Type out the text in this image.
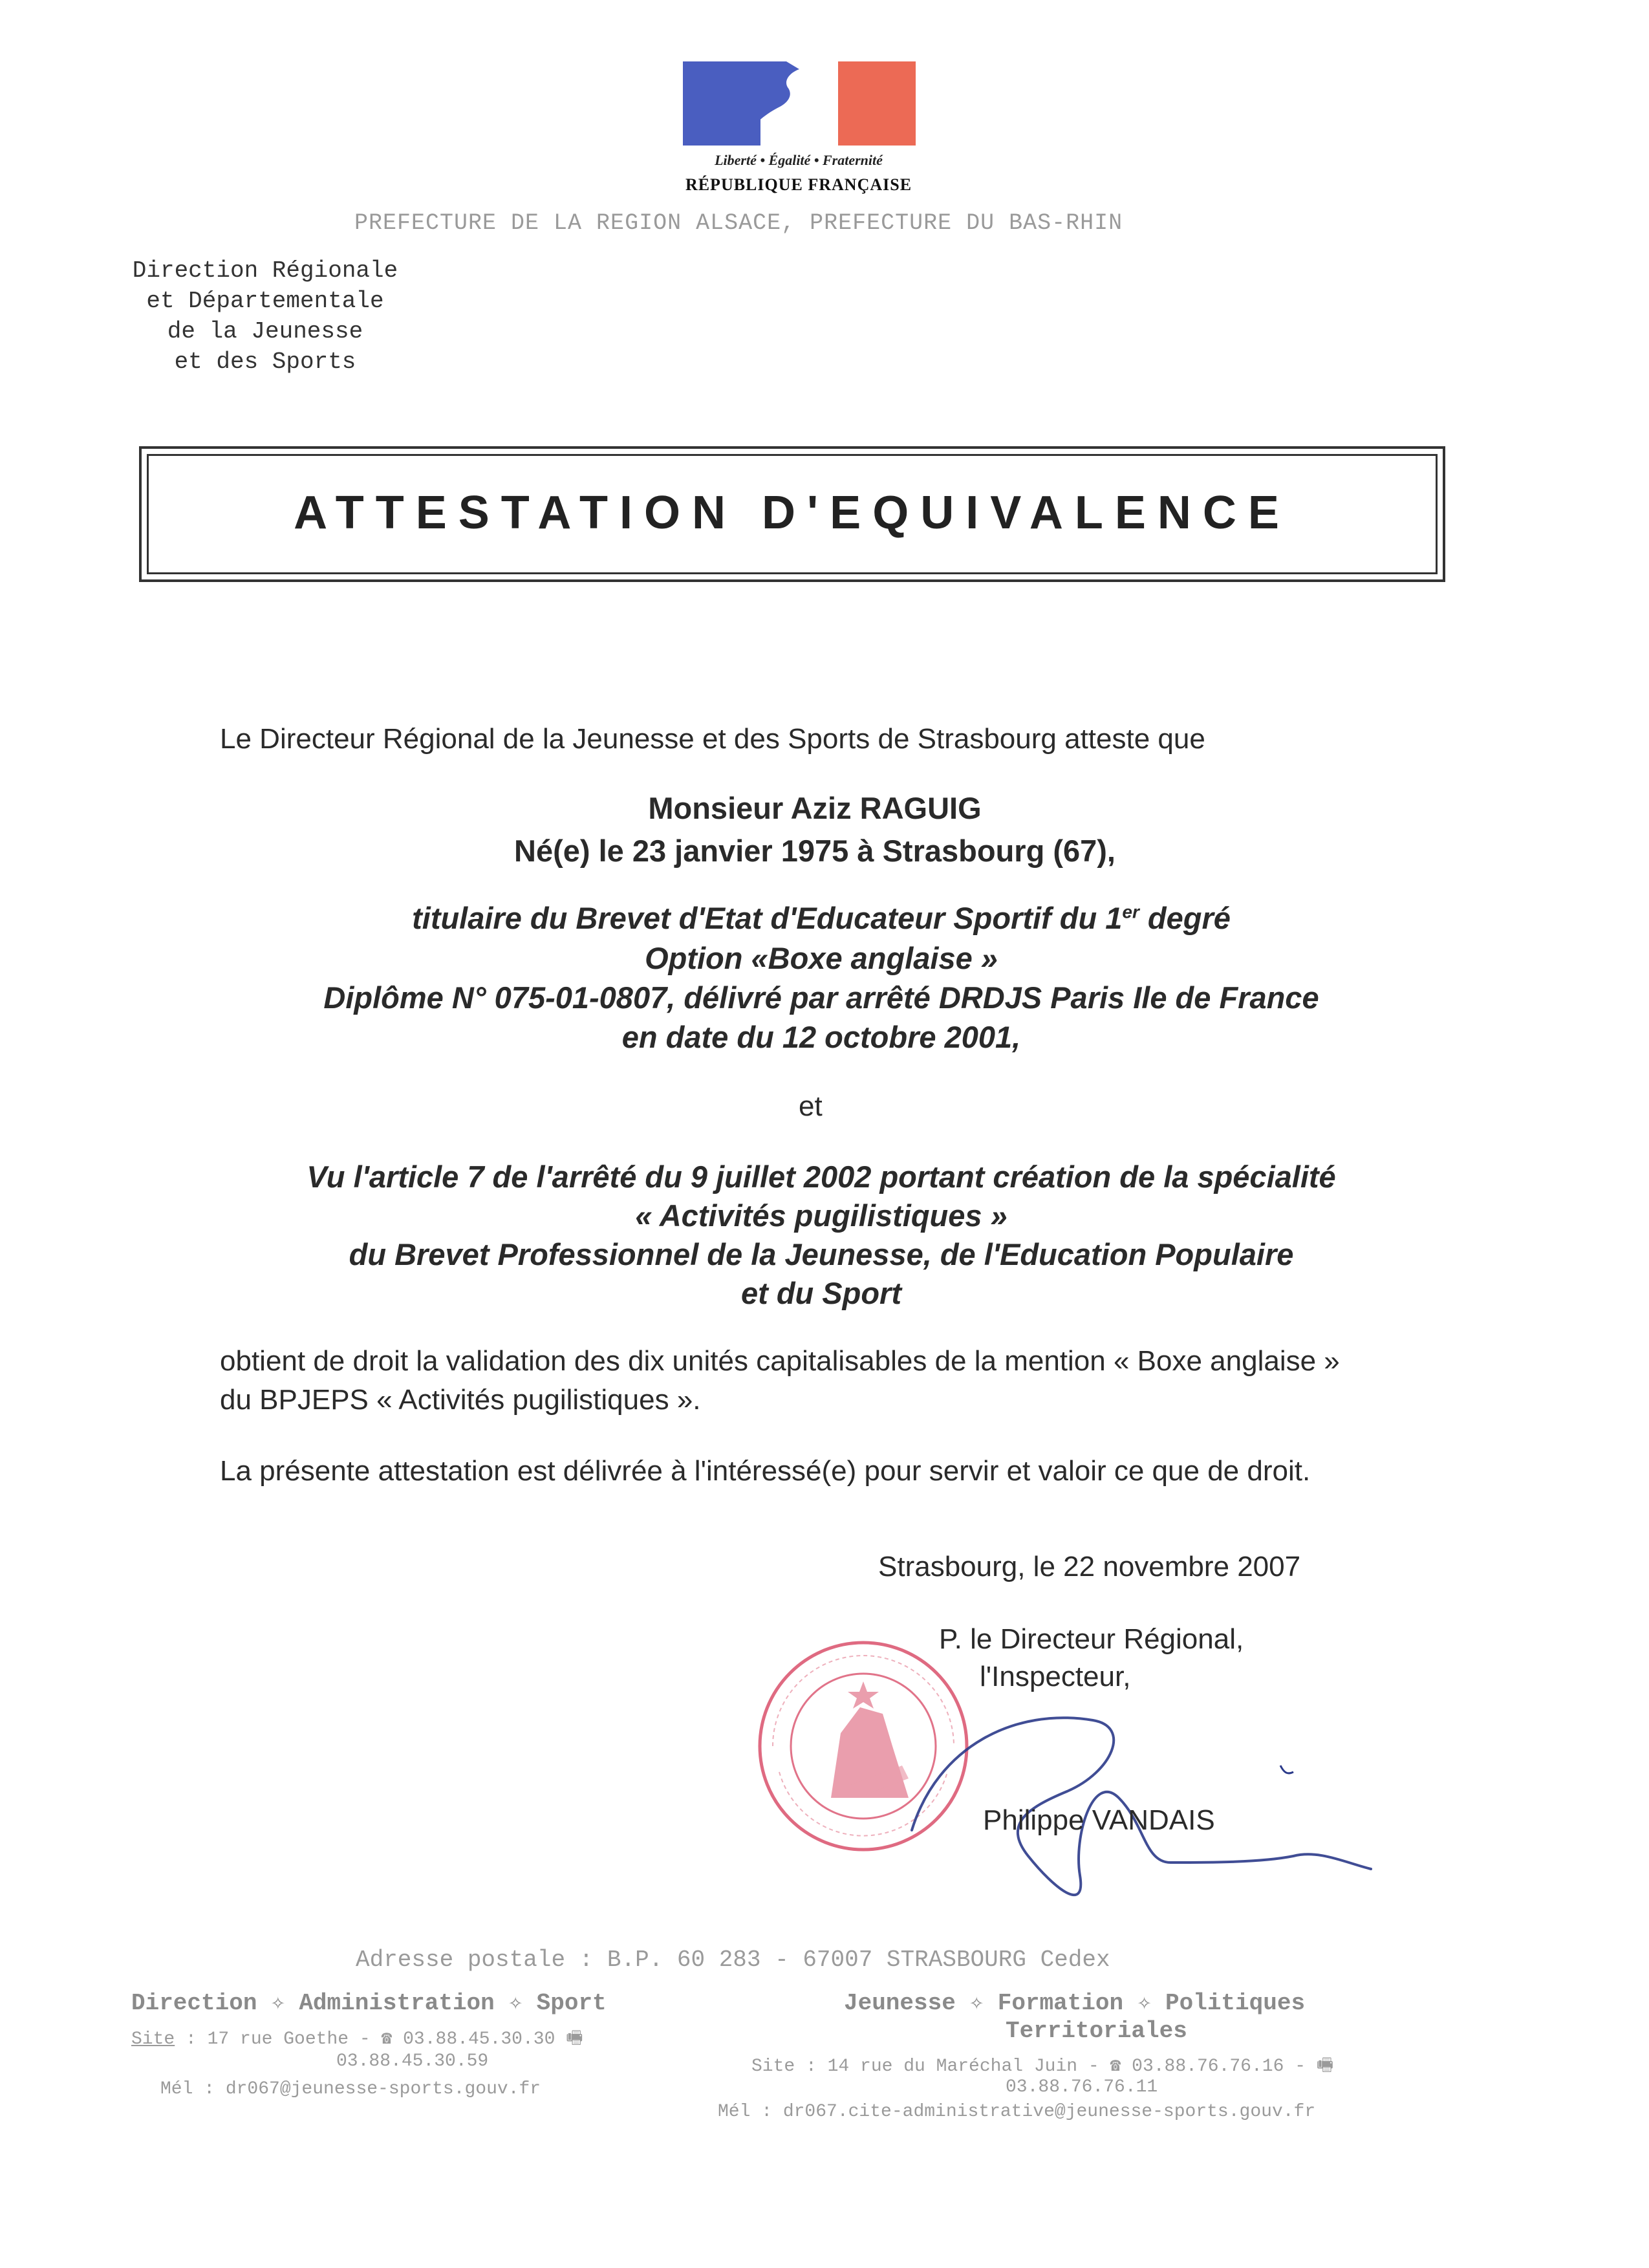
Liberté • Égalité • Fraternité
RÉPUBLIQUE FRANÇAISE
PREFECTURE DE LA REGION ALSACE, PREFECTURE DU BAS-RHIN
Direction Régionale
et Départementale
de la Jeunesse
et des Sports
ATTESTATION D'EQUIVALENCE
Le Directeur Régional de la Jeunesse et des Sports de Strasbourg atteste que
Monsieur Aziz RAGUIG
Né(e) le 23 janvier 1975 à Strasbourg (67),
titulaire du Brevet d'Etat d'Educateur Sportif du 1er degré
Option «Boxe anglaise »
Diplôme N° 075-01-0807, délivré par arrêté DRDJS Paris Ile de France
en date du 12 octobre 2001,
et
Vu l'article 7 de l'arrêté du 9 juillet 2002 portant création de la spécialité
« Activités pugilistiques »
du Brevet Professionnel de la Jeunesse, de l'Education Populaire
et du Sport
obtient de droit la validation des dix unités capitalisables de la mention « Boxe anglaise »
du BPJEPS « Activités pugilistiques ».
La présente attestation est délivrée à l'intéressé(e) pour servir et valoir ce que de droit.
Strasbourg, le 22 novembre 2007
P. le Directeur Régional,
l'Inspecteur,
Philippe VANDAIS
Adresse postale : B.P. 60 283 - 67007 STRASBOURG Cedex
Direction ✧ Administration ✧ Sport
Site : 17 rue Goethe - ☎ 03.88.45.30.30 🖷
03.88.45.30.59
Mél : dr067@jeunesse-sports.gouv.fr
Jeunesse ✧ Formation ✧ Politiques
Territoriales
Site : 14 rue du Maréchal Juin - ☎ 03.88.76.76.16 - 🖷
03.88.76.76.11
Mél : dr067.cite-administrative@jeunesse-sports.gouv.fr
